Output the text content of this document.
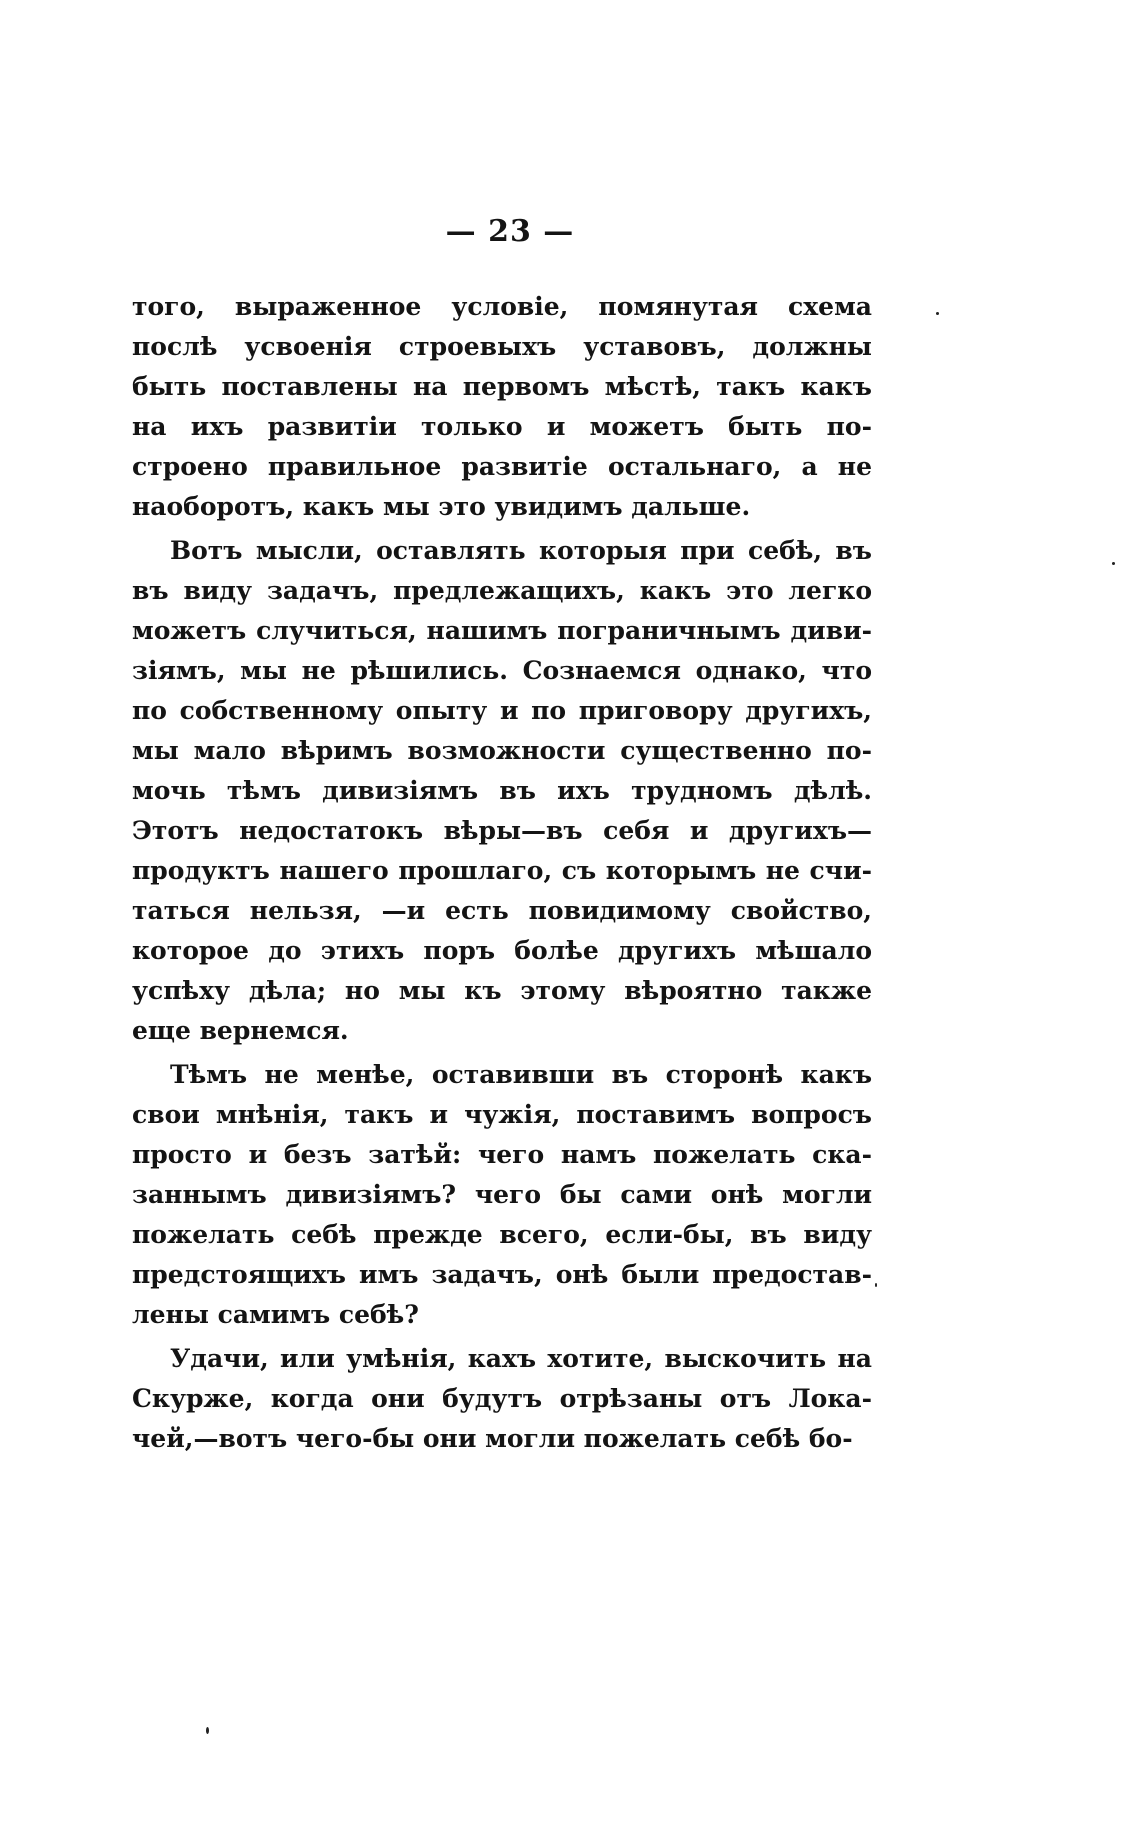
— 23 —
того, выраженное условіе, помянутая схема
послѣ усвоенія строевыхъ уставовъ, должны
быть поставлены на первомъ мѣстѣ, такъ какъ
на ихъ развитіи только и можетъ быть по-
строено правильное развитіе остальнаго, а не
наоборотъ, какъ мы это увидимъ дальше.
Вотъ мысли, оставлять которыя при себѣ, въ
въ виду задачъ, предлежащихъ, какъ это легко
можетъ случиться, нашимъ пограничнымъ диви-
зіямъ, мы не рѣшились. Сознаемся однако, что
по собственному опыту и по приговору другихъ,
мы мало вѣримъ возможности существенно по-
мочь тѣмъ дивизіямъ въ ихъ трудномъ дѣлѣ.
Этотъ недостатокъ вѣры—въ себя и другихъ—
продуктъ нашего прошлаго, съ которымъ не счи-
таться нельзя, —и есть повидимому свойство,
которое до этихъ поръ болѣе другихъ мѣшало
успѣху дѣла; но мы къ этому вѣроятно также
еще вернемся.
Тѣмъ не менѣе, оставивши въ сторонѣ какъ
свои мнѣнія, такъ и чужія, поставимъ вопросъ
просто и безъ затѣй: чего намъ пожелать ска-
заннымъ дивизіямъ? чего бы сами онѣ могли
пожелать себѣ прежде всего, если-бы, въ виду
предстоящихъ имъ задачъ, онѣ были предостав-
лены самимъ себѣ?
Удачи, или умѣнія, кахъ хотите, выскочить на
Скурже, когда они будутъ отрѣзаны отъ Лока-
чей,—вотъ чего-бы они могли пожелать себѣ бо-
